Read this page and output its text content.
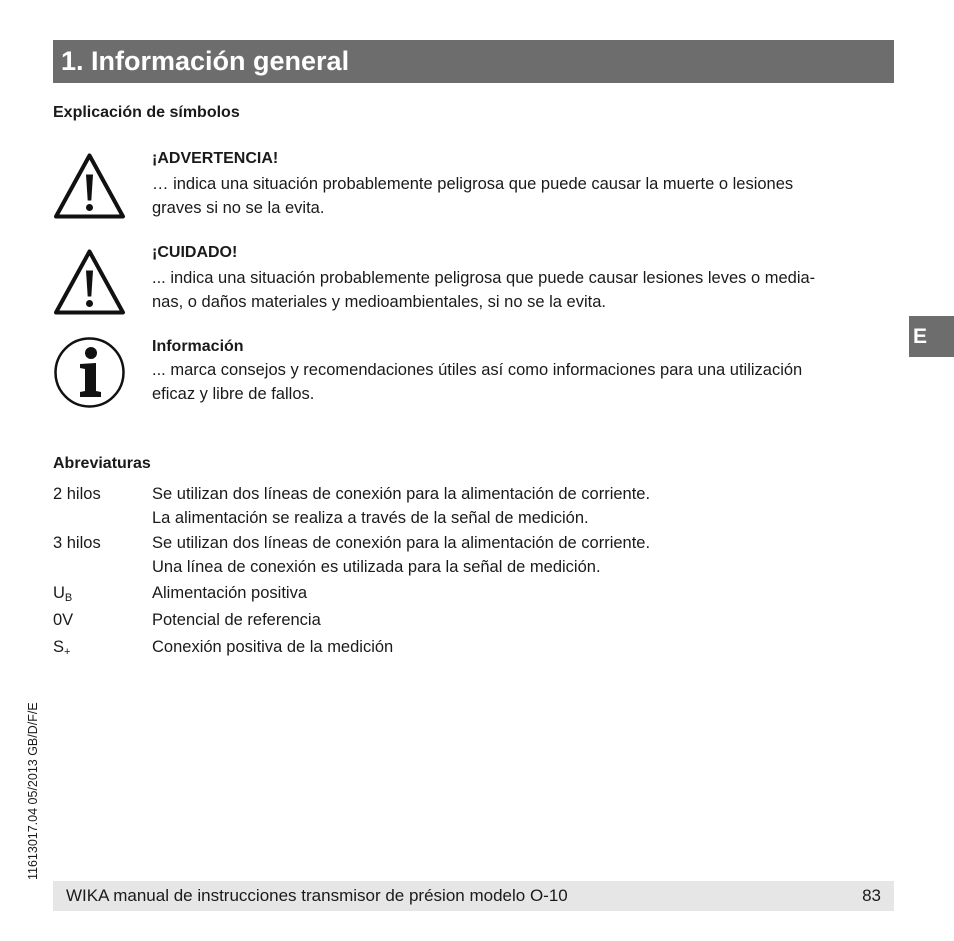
1. Información general
E
Explicación de símbolos
¡ADVERTENCIA!
… indica una situación probablemente peligrosa que puede causar la muerte o lesiones
graves si no se la evita.
¡CUIDADO!
... indica una situación probablemente peligrosa que puede causar lesiones leves o media-
nas, o daños materiales y medioambientales, si no se la evita.
Información
... marca consejos y recomendaciones útiles así como informaciones para una utilización
eficaz y libre de fallos.
Abreviaturas
2 hilos	Se utilizan dos líneas de conexión para la alimentación de corriente.
La alimentación se realiza a través de la señal de medición.
3 hilos	Se utilizan dos líneas de conexión para la alimentación de corriente.
Una línea de conexión es utilizada para la señal de medición.
$U_B$	Alimentación positiva
0V	Potencial de referencia
$S_+$	Conexión positiva de la medición
11613017.04 05/2013 GB/D/F/E
WIKA manual de instrucciones transmisor de présion modelo O-10	83
